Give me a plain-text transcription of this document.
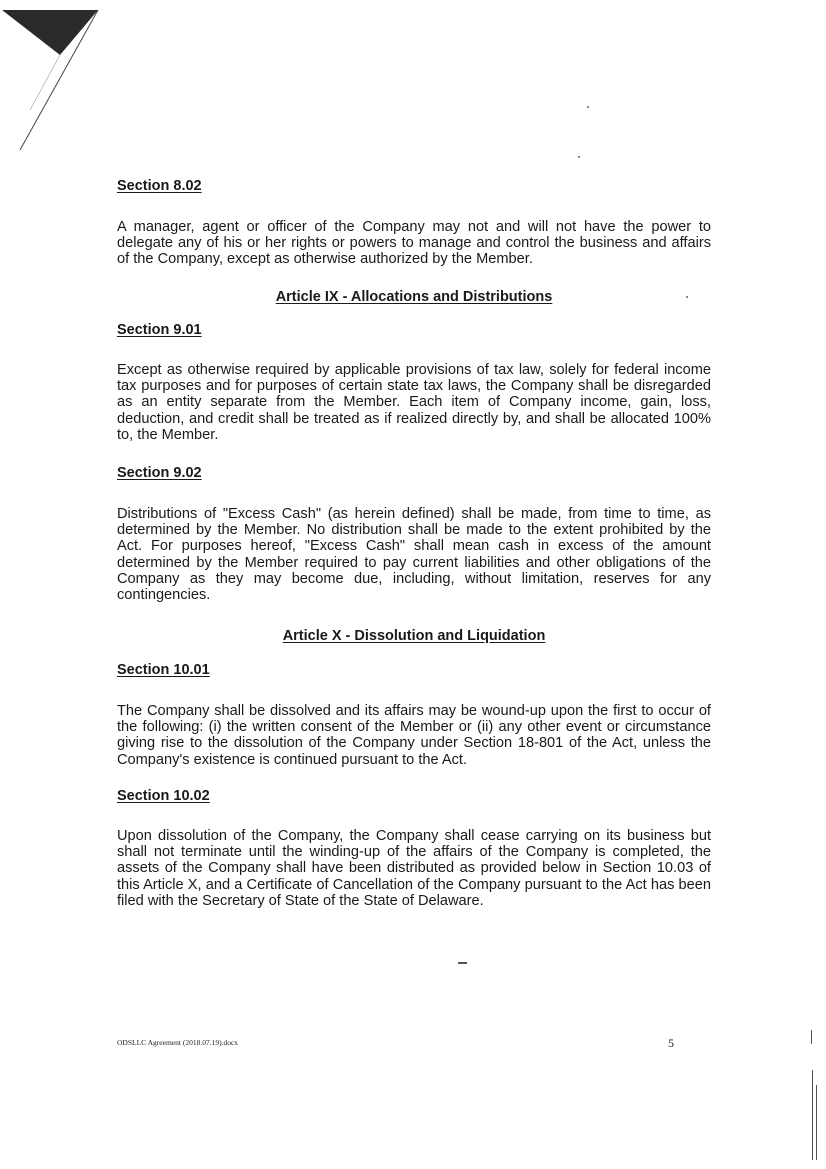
Section 8.02

A manager, agent or officer of the Company may not and will not have the power to delegate any of his or her rights or powers to manage and control the business and affairs of the Company, except as otherwise authorized by the Member.

Article IX - Allocations and Distributions
Section 9.01

Except as otherwise required by applicable provisions of tax law, solely for federal income tax purposes and for purposes of certain state tax laws, the Company shall be disregarded as an entity separate from the Member. Each item of Company income, gain, loss, deduction, and credit shall be treated as if realized directly by, and shall be allocated 100% to, the Member.

Section 9.02

Distributions of "Excess Cash" (as herein defined) shall be made, from time to time, as determined by the Member. No distribution shall be made to the extent prohibited by the Act. For purposes hereof, "Excess Cash" shall mean cash in excess of the amount determined by the Member required to pay current liabilities and other obligations of the Company as they may become due, including, without limitation, reserves for any contingencies.

Article X - Dissolution and Liquidation
Section 10.01

The Company shall be dissolved and its affairs may be wound-up upon the first to occur of the following: (i) the written consent of the Member or (ii) any other event or circumstance giving rise to the dissolution of the Company under Section 18-801 of the Act, unless the Company's existence is continued pursuant to the Act.

Section 10.02

Upon dissolution of the Company, the Company shall cease carrying on its business but shall not terminate until the winding-up of the affairs of the Company is completed, the assets of the Company shall have been distributed as provided below in Section 10.03 of this Article X, and a Certificate of Cancellation of the Company pursuant to the Act has been filed with the Secretary of State of the State of Delaware.

ODSLLC Agreement (2018.07.19).docx	5
